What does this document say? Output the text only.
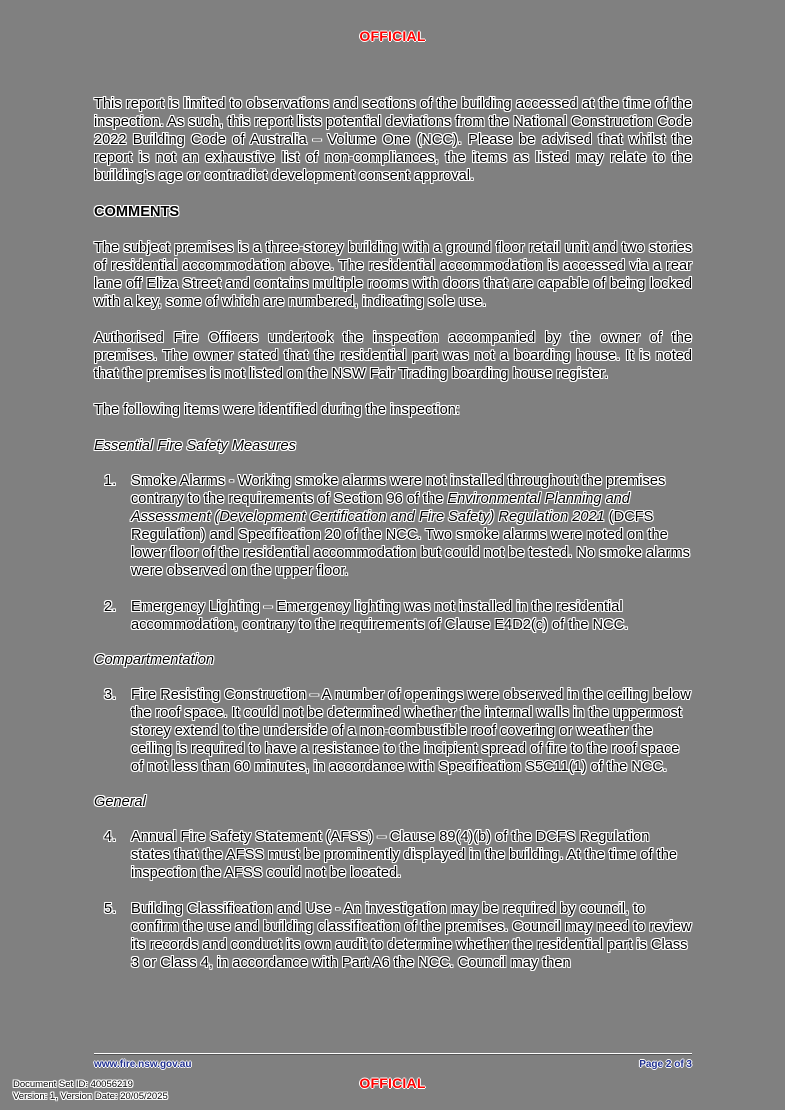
OFFICIAL

This report is limited to observations and sections of the building accessed at the time of the inspection. As such, this report lists potential deviations from the National Construction Code 2022 Building Code of Australia – Volume One (NCC). Please be advised that whilst the report is not an exhaustive list of non-compliances, the items as listed may relate to the building's age or contradict development consent approval.

COMMENTS

The subject premises is a three-storey building with a ground floor retail unit and two stories of residential accommodation above. The residential accommodation is accessed via a rear lane off Eliza Street and contains multiple rooms with doors that are capable of being locked with a key, some of which are numbered, indicating sole use.

Authorised Fire Officers undertook the inspection accompanied by the owner of the premises. The owner stated that the residential part was not a boarding house. It is noted that the premises is not listed on the NSW Fair Trading boarding house register.

The following items were identified during the inspection:

Essential Fire Safety Measures

1. Smoke Alarms - Working smoke alarms were not installed throughout the premises contrary to the requirements of Section 96 of the Environmental Planning and Assessment (Development Certification and Fire Safety) Regulation 2021 (DCFS Regulation) and Specification 20 of the NCC. Two smoke alarms were noted on the lower floor of the residential accommodation but could not be tested. No smoke alarms were observed on the upper floor.
2. Emergency Lighting – Emergency lighting was not installed in the residential accommodation, contrary to the requirements of Clause E4D2(c) of the NCC.

Compartmentation

3. Fire Resisting Construction – A number of openings were observed in the ceiling below the roof space. It could not be determined whether the internal walls in the uppermost storey extend to the underside of a non-combustible roof covering or weather the ceiling is required to have a resistance to the incipient spread of fire to the roof space of not less than 60 minutes, in accordance with Specification S5C11(1) of the NCC.

General

4. Annual Fire Safety Statement (AFSS) – Clause 89(4)(b) of the DCFS Regulation states that the AFSS must be prominently displayed in the building. At the time of the inspection the AFSS could not be located.
5. Building Classification and Use - An investigation may be required by council, to confirm the use and building classification of the premises. Council may need to review its records and conduct its own audit to determine whether the residential part is Class 3 or Class 4, in accordance with Part A6 the NCC. Council may then
www.fire.nsw.gov.au	Page 2 of 3
OFFICIAL
Document Set ID: 40056219
Version: 1, Version Date: 20/05/2025
